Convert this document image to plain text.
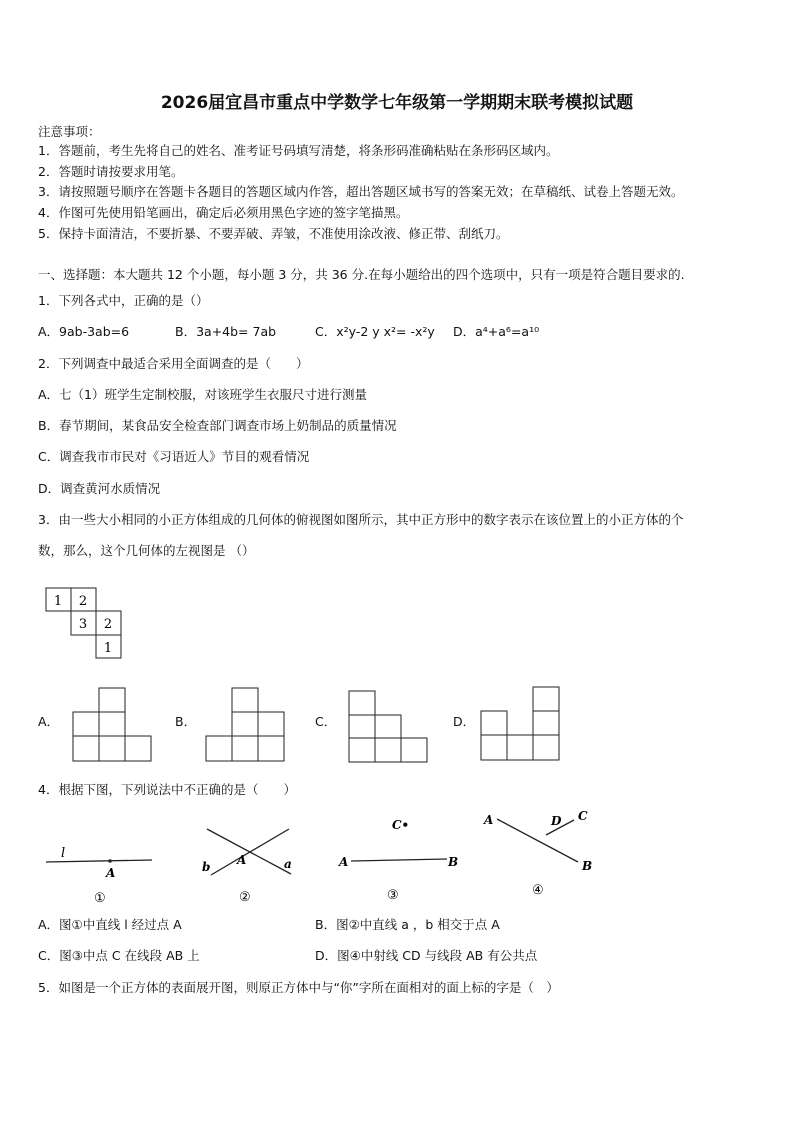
2026届宜昌市重点中学数学七年级第一学期期末联考模拟试题
注意事项：
1．答题前，考生先将自己的姓名、准考证号码填写清楚，将条形码准确粘贴在条形码区域内。
2．答题时请按要求用笔。
3．请按照题号顺序在答题卡各题目的答题区域内作答，超出答题区域书写的答案无效；在草稿纸、试卷上答题无效。
4．作图可先使用铅笔画出，确定后必须用黑色字迹的签字笔描黑。
5．保持卡面清洁，不要折暴、不要弄破、弄皱，不准使用涂改液、修正带、刮纸刀。
一、选择题：本大题共 12 个小题，每小题 3 分，共 36 分.在每小题给出的四个选项中，只有一项是符合题目要求的.
1．下列各式中，正确的是（）
A．9ab-3ab=6	B．3a+4b= 7ab	C．x²y-2 y x²= -x²y D．a⁴+a⁶=a¹⁰
2．下列调查中最适合采用全面调查的是（　　）
A．七（1）班学生定制校服，对该班学生衣服尺寸进行测量
B．春节期间，某食品安全检查部门调查市场上奶制品的质量情况
C．调查我市市民对《习语近人》节目的观看情况
D．调查黄河水质情况
3．由一些大小相同的小正方体组成的几何体的俯视图如图所示，其中正方形中的数字表示在该位置上的小正方体的个
数，那么，这个几何体的左视图是 （）
1 2
3 2
1
A．	B．	C．	D．
4．根据下图，下列说法中不正确的是（　　）
l
A
①
b	a
A
②
C•
A	B
③
A	D C
B
④
A．图①中直线 l 经过点 A	B．图②中直线 a ，b 相交于点 A
C．图③中点 C 在线段 AB 上	D．图④中射线 CD 与线段 AB 有公共点
5．如图是一个正方体的表面展开图，则原正方体中与“你”字所在面相对的面上标的字是（　）
